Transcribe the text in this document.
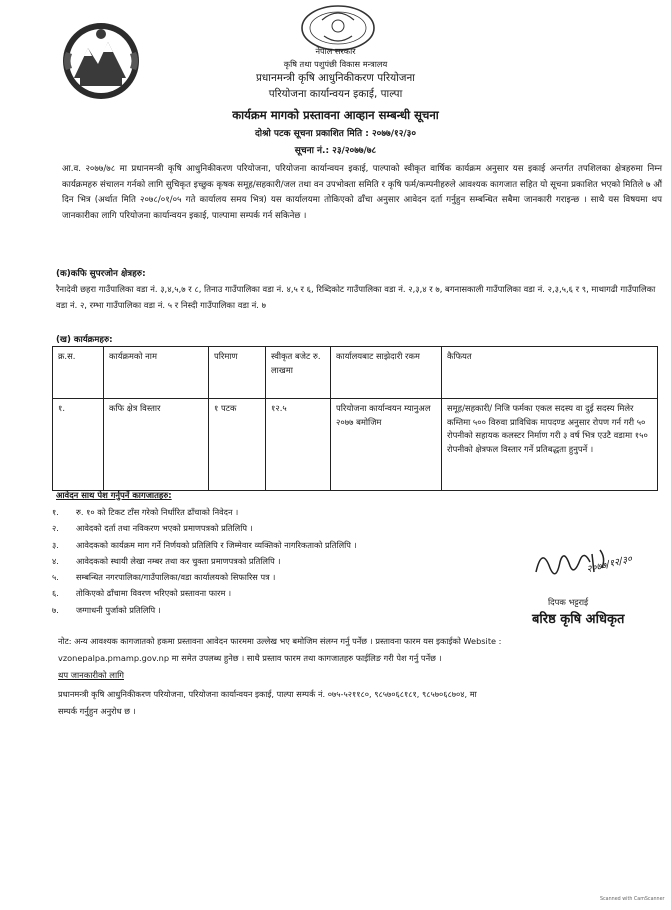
नेपाल सरकार
कृषि तथा पशुपंछी विकास मन्त्रालय
प्रधानमन्त्री कृषि आधुनिकीकरण परियोजना
परियोजना कार्यान्वयन इकाई, पाल्पा
कार्यक्रम मागको प्रस्तावना आव्हान सम्बन्धी सूचना
दोश्रो पटक सूचना प्रकाशित मिति : २०७७/१२/३०
सूचना नं.: २३/२०७७/७८
आ.व. २०७७/७८ मा प्रधानमन्त्री कृषि आधुनिकीकरण परियोजना, परियोजना कार्यान्वयन इकाई, पाल्पाको स्वीकृत वार्षिक कार्यक्रम अनुसार यस इकाई अन्तर्गत तपशिलका क्षेत्रहरुमा निम्न कार्यक्रमहरु संचालन गर्नको लागि सुचिकृत इच्छुक कृषक समूह/सहकारी/जल तथा वन उपभोक्ता समिति र कृषि फर्म/कम्पनीहरुले आवश्यक कागजात सहित यो सूचना प्रकाशित भएको मितिले ७ औं दिन भित्र (अर्थात मिति २०७८/०१/०५ गते कार्यालय समय भित्र) यस कार्यालयमा तोकिएको ढाँचा अनुसार आवेदन दर्ता गर्नुहुन सम्बन्धित सबैमा जानकारी गराइन्छ । साथै यस विषयमा थप जानकारीका लागि परियोजना कार्यान्वयन इकाई, पाल्पामा सम्पर्क गर्न सकिनेछ ।
(क)कफि सुपरजोन क्षेत्रहरु:
रैनादेवी छहरा गाउँपालिका वडा नं. ३,४,५,७ र ८, तिनाउ गाउँपालिका वडा नं. ४,५ र ६, रिब्दिकोट गाउँपालिका वडा नं. २,३,४ र ७, बगनासकाली गाउँपालिका वडा नं. २,३,५,६ र ९, माथागढी गाउँपालिका वडा नं. २, रम्भा गाउँपालिका वडा नं. ५ र निस्दी गाउँपालिका वडा नं. ७
(ख) कार्यक्रमहरु:
क्र.स.	कार्यक्रमको नाम	परिमाण	स्वीकृत बजेट रु. लाखमा	कार्यालयबाट साझेदारी रकम	कैफियत
१.	कफि क्षेत्र विस्तार	१ पटक	१२.५	परियोजना कार्यान्वयन म्यानुअल २०७७ बमोजिम	समूह/सहकारी/ निजि फर्मका एकल सदस्य वा दुई सदस्य मिलेर कम्तिमा ५०० विरुवा प्राविधिक मापदण्ड अनुसार रोपण गर्न गरी ५० रोपनीको सहायक कलस्टर निर्माण गरी ३ वर्ष भित्र एउटै वडामा १५० रोपनीको क्षेत्रफल विस्तार गर्ने प्रतिबद्धता हुनुपर्ने ।
आवेदन साथ पेश गर्नुपर्ने कागजातहरु:
१.	रु. १० को टिकट टाँस गरेको निर्धारित ढाँचाको निवेदन ।
२.	आवेदको दर्ता तथा नविकरण भएको प्रमाणपत्रको प्रतिलिपि ।
३.	आवेदकको कार्यक्रम माग गर्ने निर्णयको प्रतिलिपि र जिम्मेवार व्यक्तिको नागरिकताको प्रतिलिपि ।
४.	आवेदकको स्थायी लेखा नम्बर तथा कर चुक्ता प्रमाणपत्रको प्रतिलिपि ।
५.	सम्बन्धित नगरपालिका/गाउँपालिका/वडा कार्यालयको सिफारिस पत्र ।
६.	तोकिएको ढाँचामा विवरण भरिएको प्रस्तावना फारम ।
७.	जग्गाधनी पुर्जाको प्रतिलिपि ।
२०७७/१२/३०
दिपक भट्टराई
बरिष्ठ कृषि अधिकृत
नोट: अन्य आवश्यक कागजातको हकमा प्रस्तावना आवेदन फारममा उल्लेख भए बमोजिम संलग्न गर्नु पर्नेछ । प्रस्तावना फारम यस इकाईको Website :
vzonepalpa.pmamp.gov.np मा समेत उपलब्ध हुनेछ । साथै प्रस्ताव फारम तथा कागजातहरु फाईलिङ गरी पेश गर्नु पर्नेछ ।
थप जानकारीको लागि
प्रधानमन्त्री कृषि आधुनिकीकरण परियोजना, परियोजना कार्यान्वयन इकाई, पाल्पा सम्पर्क नं. ०७५-५२११८०, ९८५७०६८१८१, ९८५७०६८७०४, मा
सम्पर्क गर्नुहुन अनुरोध छ ।
Scanned with CamScanner
